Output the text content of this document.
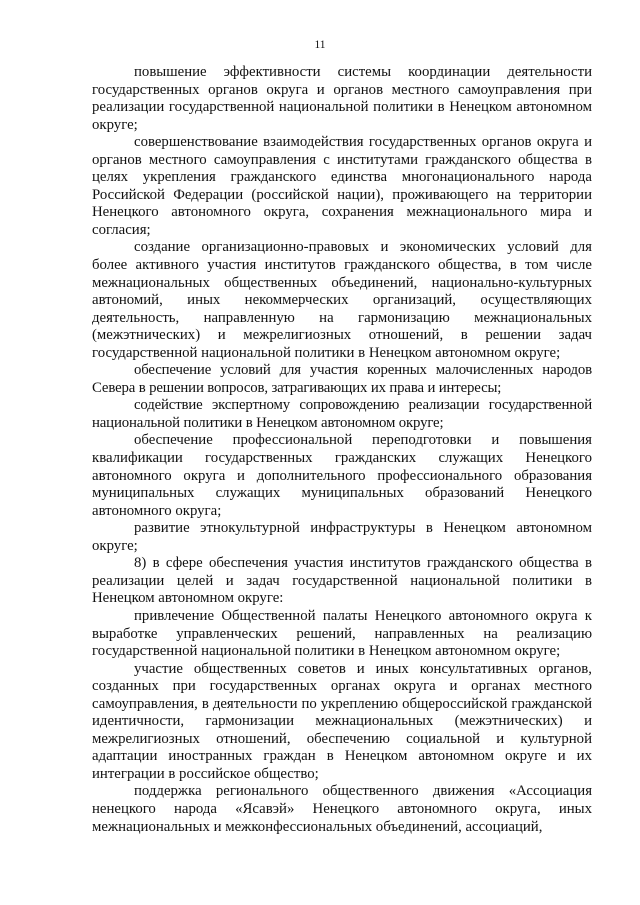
11

повышение эффективности системы координации деятельности государственных органов округа и органов местного самоуправления при реализации государственной национальной политики в Ненецком автономном округе;

совершенствование взаимодействия государственных органов округа и органов местного самоуправления с институтами гражданского общества в целях укрепления гражданского единства многонационального народа Российской Федерации (российской нации), проживающего на территории Ненецкого автономного округа, сохранения межнационального мира и согласия;

создание организационно-правовых и экономических условий для более активного участия институтов гражданского общества, в том числе межнациональных общественных объединений, национально-культурных автономий, иных некоммерческих организаций, осуществляющих деятельность, направленную на гармонизацию межнациональных (межэтнических) и межрелигиозных отношений, в решении задач государственной национальной политики в Ненецком автономном округе;

обеспечение условий для участия коренных малочисленных народов Севера в решении вопросов, затрагивающих их права и интересы;

содействие экспертному сопровождению реализации государственной национальной политики в Ненецком автономном округе;

обеспечение профессиональной переподготовки и повышения квалификации государственных гражданских служащих Ненецкого автономного округа и дополнительного профессионального образования муниципальных служащих муниципальных образований Ненецкого автономного округа;

развитие этнокультурной инфраструктуры в Ненецком автономном округе;

8) в сфере обеспечения участия институтов гражданского общества в реализации целей и задач государственной национальной политики в Ненецком автономном округе:

привлечение Общественной палаты Ненецкого автономного округа к выработке управленческих решений, направленных на реализацию государственной национальной политики в Ненецком автономном округе;

участие общественных советов и иных консультативных органов, созданных при государственных органах округа и органах местного самоуправления, в деятельности по укреплению общероссийской гражданской идентичности, гармонизации межнациональных (межэтнических) и межрелигиозных отношений, обеспечению социальной и культурной адаптации иностранных граждан в Ненецком автономном округе и их интеграции в российское общество;

поддержка регионального общественного движения «Ассоциация ненецкого народа «Ясавэй» Ненецкого автономного округа, иных межнациональных и межконфессиональных объединений, ассоциаций,
